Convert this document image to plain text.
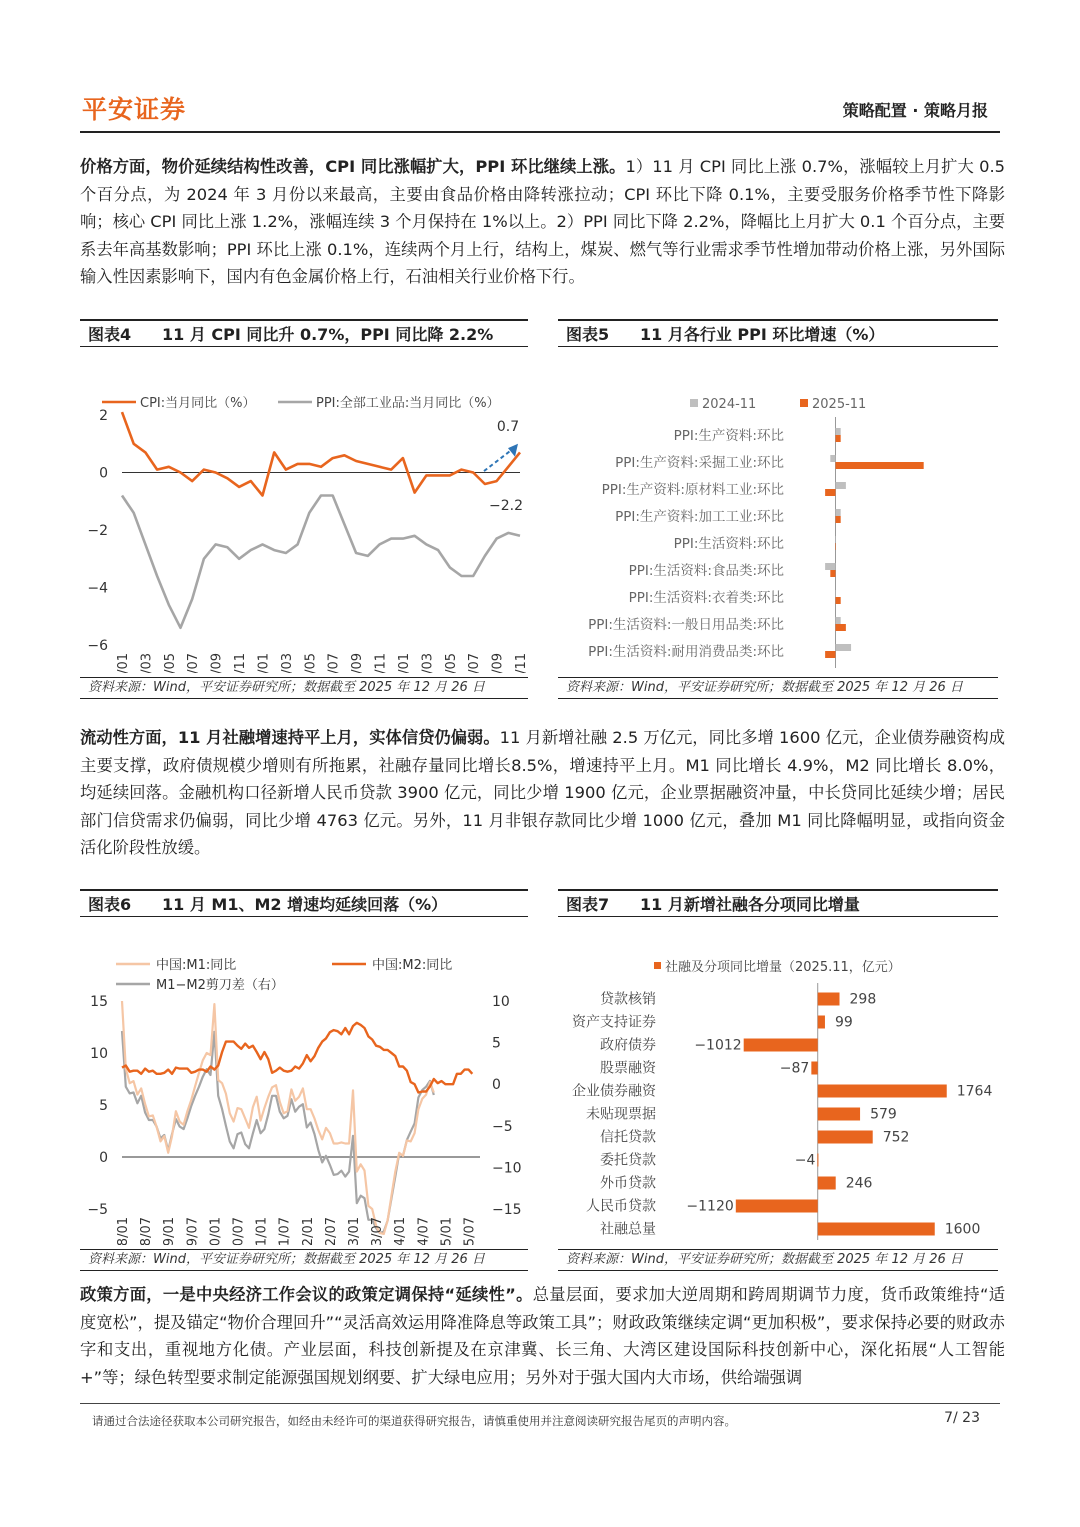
平安证券	策略配置 · 策略月报
价格方面，物价延续结构性改善，CPI 同比涨幅扩大，PPI 环比继续上涨。1）11 月 CPI 同比上涨 0.7%，涨幅较上月扩大 0.5 个百分点，为 2024 年 3 月份以来最高，主要由食品价格由降转涨拉动；CPI 环比下降 0.1%，主要受服务价格季节性下降影响；核心 CPI 同比上涨 1.2%，涨幅连续 3 个月保持在 1%以上。2）PPI 同比下降 2.2%，降幅比上月扩大 0.1 个百分点，主要系去年高基数影响；PPI 环比上涨 0.1%，连续两个月上行，结构上，煤炭、燃气等行业需求季节性增加带动价格上涨，另外国际输入性因素影响下，国内有色金属价格上行，石油相关行业价格下行。
图表4 11 月 CPI 同比升 0.7%，PPI 同比降 2.2%
CPI:当月同比（%）	PPI:全部工业品:当月同比（%）
2
0
−2
−4
−6
0.7
−2.2
23/01 23/03 23/05 23/07 23/09 23/11 24/01 24/03 24/05 24/07 24/09 24/11 25/01 25/03 25/05 25/07 25/09 25/11
资料来源：Wind，平安证券研究所；数据截至 2025 年 12 月 26 日
图表5 11 月各行业 PPI 环比增速（%）
2024-11	2025-11
PPI:生产资料:环比
PPI:生产资料:采掘工业:环比
PPI:生产资料:原材料工业:环比
PPI:生产资料:加工工业:环比
PPI:生活资料:环比
PPI:生活资料:食品类:环比
PPI:生活资料:衣着类:环比
PPI:生活资料:一般日用品类:环比
PPI:生活资料:耐用消费品类:环比
资料来源：Wind，平安证券研究所；数据截至 2025 年 12 月 26 日
流动性方面，11 月社融增速持平上月，实体信贷仍偏弱。11 月新增社融 2.5 万亿元，同比多增 1600 亿元，企业债券融资构成主要支撑，政府债规模少增则有所拖累，社融存量同比增长8.5%，增速持平上月。M1 同比增长 4.9%，M2 同比增长 8.0%，均延续回落。金融机构口径新增人民币贷款 3900 亿元，同比少增 1900 亿元，企业票据融资冲量，中长贷同比延续少增；居民部门信贷需求仍偏弱，同比少增 4763 亿元。另外，11 月非银存款同比少增 1000 亿元，叠加 M1 同比降幅明显，或指向资金活化阶段性放缓。
图表6 11 月 M1、M2 增速均延续回落（%）
中国:M1:同比	中国:M2:同比
M1−M2剪刀差（右）
15
10
5
0
−5
10
5
0
−5
−10
−15
18/01 18/07 19/01 19/07 20/01 20/07 21/01 21/07 22/01 22/07 23/01 23/07 24/01 24/07 25/01 25/07
资料来源：Wind，平安证券研究所；数据截至 2025 年 12 月 26 日
图表7 11 月新增社融各分项同比增量
社融及分项同比增量（2025.11，亿元）
贷款核销	298
资产支持证券	99
政府债券	−1012
股票融资	−87
企业债券融资	1764
未贴现票据	579
信托贷款	752
委托贷款	−4
外币贷款	246
人民币贷款 −1120
社融总量	1600
资料来源：Wind，平安证券研究所；数据截至 2025 年 12 月 26 日
政策方面，一是中央经济工作会议的政策定调保持“延续性”。总量层面，要求加大逆周期和跨周期调节力度，货币政策维持“适度宽松”，提及锚定“物价合理回升”“灵活高效运用降准降息等政策工具”；财政政策继续定调“更加积极”，要求保持必要的财政赤字和支出，重视地方化债。产业层面，科技创新提及在京津冀、长三角、大湾区建设国际科技创新中心，深化拓展“人工智能+”等；绿色转型要求制定能源强国规划纲要、扩大绿电应用；另外对于强大国内大市场，供给端强调
请通过合法途径获取本公司研究报告，如经由未经许可的渠道获得研究报告，请慎重使用并注意阅读研究报告尾页的声明内容。	7/ 23
